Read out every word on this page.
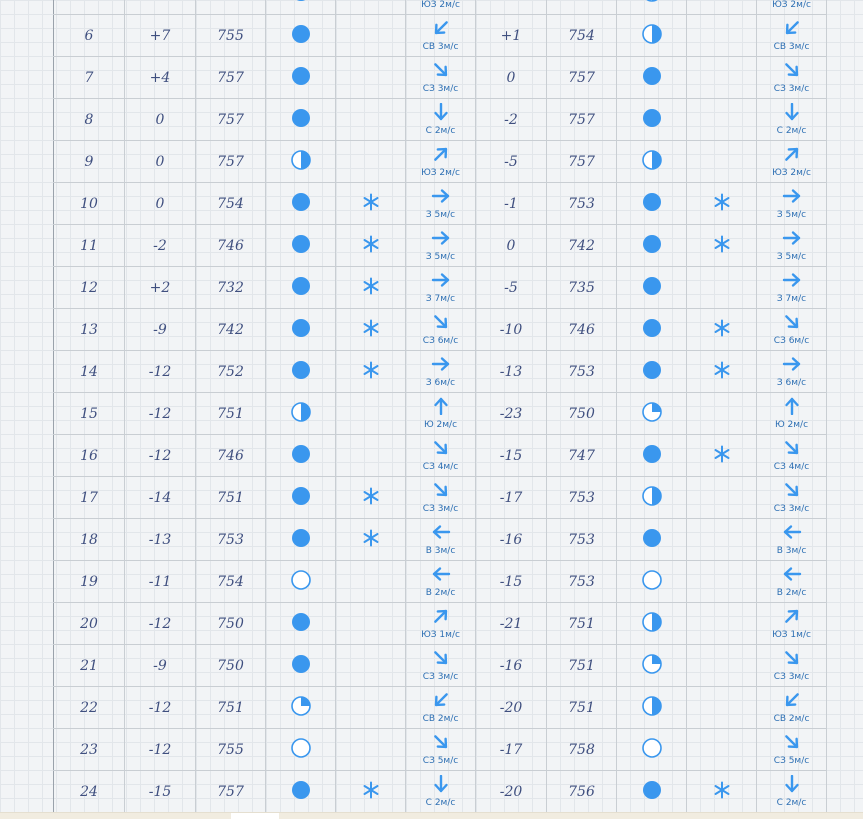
ЮЗ 2м/с					ЮЗ 2м/с

6	+7	755			СВ 3м/с	+1	754			СВ 3м/с

7	+4	757			СЗ 3м/с	0	757			СЗ 3м/с

8	0	757			С 2м/с	-2	757			С 2м/с

9	0	757			ЮЗ 2м/с	-5	757			ЮЗ 2м/с

10	0	754			З 5м/с	-1	753			З 5м/с

11	-2	746			З 5м/с	0	742			З 5м/с

12	+2	732			З 7м/с	-5	735			З 7м/с

13	-9	742			СЗ 6м/с	-10	746			СЗ 6м/с

14	-12	752			З 6м/с	-13	753			З 6м/с

15	-12	751			Ю 2м/с	-23	750			Ю 2м/с

16	-12	746			СЗ 4м/с	-15	747			СЗ 4м/с

17	-14	751			СЗ 3м/с	-17	753			СЗ 3м/с

18	-13	753			В 3м/с	-16	753			В 3м/с

19	-11	754			В 2м/с	-15	753			В 2м/с

20	-12	750			ЮЗ 1м/с	-21	751			ЮЗ 1м/с

21	-9	750			СЗ 3м/с	-16	751			СЗ 3м/с

22	-12	751			СВ 2м/с	-20	751			СВ 2м/с

23	-12	755			СЗ 5м/с	-17	758			СЗ 5м/с

24	-15	757			С 2м/с	-20	756			С 2м/с
